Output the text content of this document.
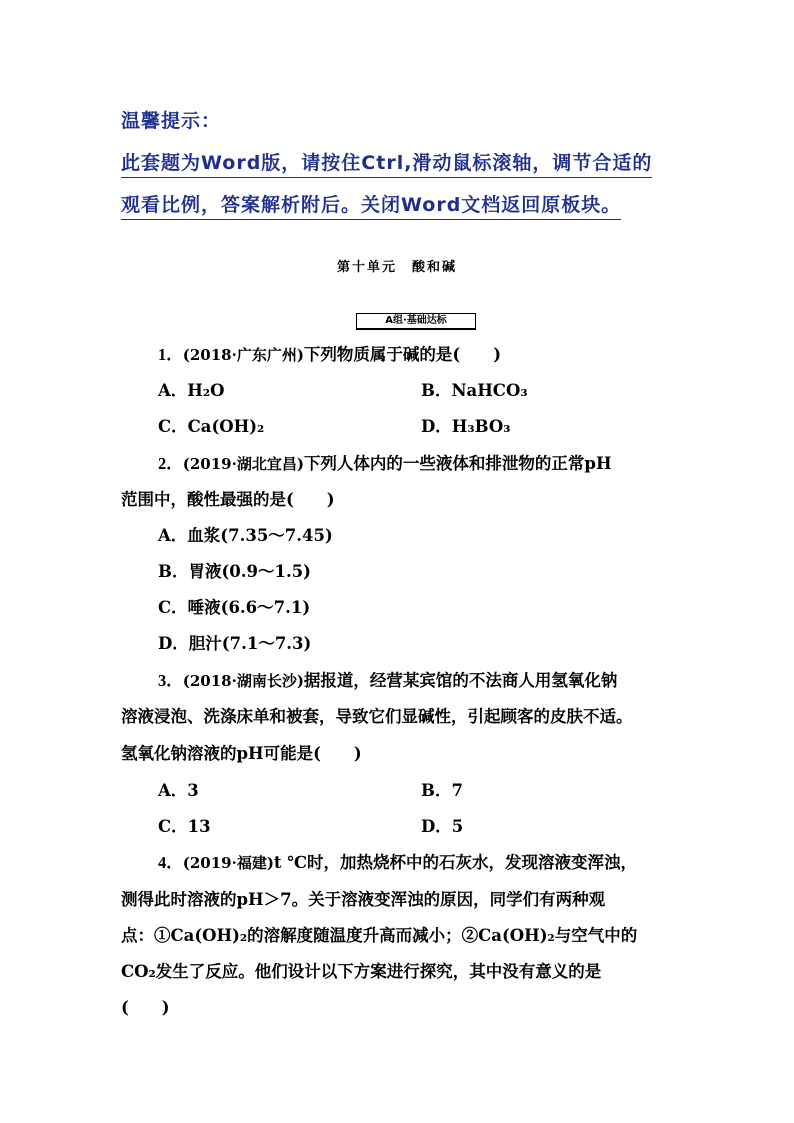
温馨提示：
此套题为Word版，请按住Ctrl,滑动鼠标滚轴，调节合适的
观看比例，答案解析附后。关闭Word文档返回原板块。
第十单元　酸和碱
A组·基础达标
1．(2018·广东广州)下列物质属于碱的是(　　)
A．H₂O	B．NaHCO₃
C．Ca(OH)₂	D．H₃BO₃
2．(2019·湖北宜昌)下列人体内的一些液体和排泄物的正常pH
范围中，酸性最强的是(　　)
A．血浆(7.35～7.45)
B．胃液(0.9～1.5)
C．唾液(6.6～7.1)
D．胆汁(7.1～7.3)
3．(2018·湖南长沙)据报道，经营某宾馆的不法商人用氢氧化钠
溶液浸泡、洗涤床单和被套，导致它们显碱性，引起顾客的皮肤不适。
氢氧化钠溶液的pH可能是(　　)
A．3	B．7
C．13	D．5
4．(2019·福建)t ℃时，加热烧杯中的石灰水，发现溶液变浑浊，
测得此时溶液的pH＞7。关于溶液变浑浊的原因，同学们有两种观
点：①Ca(OH)₂的溶解度随温度升高而减小；②Ca(OH)₂与空气中的
CO₂发生了反应。他们设计以下方案进行探究，其中没有意义的是
(　　)
